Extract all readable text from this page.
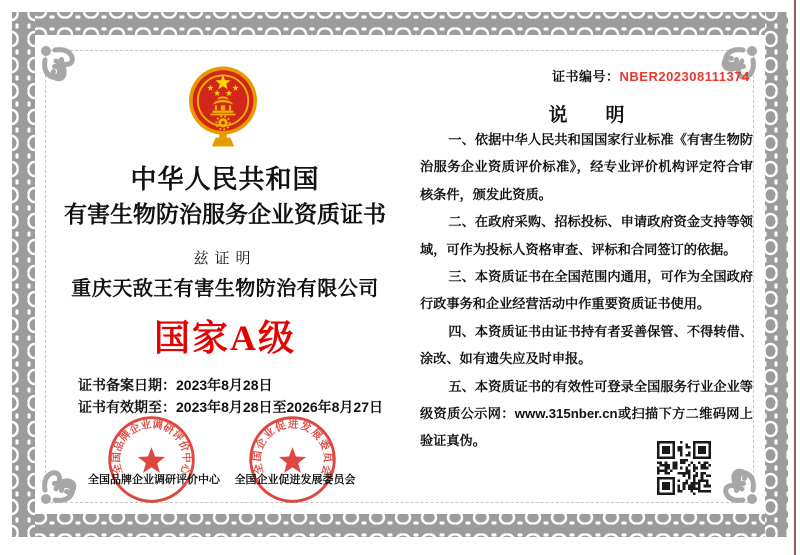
证书编号：NBER202308111374
中华人民共和国
有害生物防治服务企业资质证书
兹证明
重庆天敌王有害生物防治有限公司
国家A级
证书备案日期：2023年8月28日
证书有效期至：2023年8月28日至2026年8月27日
全国品牌企业调研评价中心	全国企业促进发展委员会
全国品牌企业调研评价中心	全国企业促进发展委员会
说　　明

一、依据中华人民共和国国家行业标准《有害生物防治服务企业资质评价标准》，经专业评价机构评定符合审核条件，颁发此资质。

二、在政府采购、招标投标、申请政府资金支持等领域，可作为投标人资格审查、评标和合同签订的依据。

三、本资质证书在全国范围内通用，可作为全国政府行政事务和企业经营活动中作重要资质证书使用。

四、本资质证书由证书持有者妥善保管、不得转借、涂改、如有遗失应及时申报。

五、本资质证书的有效性可登录全国服务行业企业等级资质公示网：www.315nber.cn或扫描下方二维码网上验证真伪。
